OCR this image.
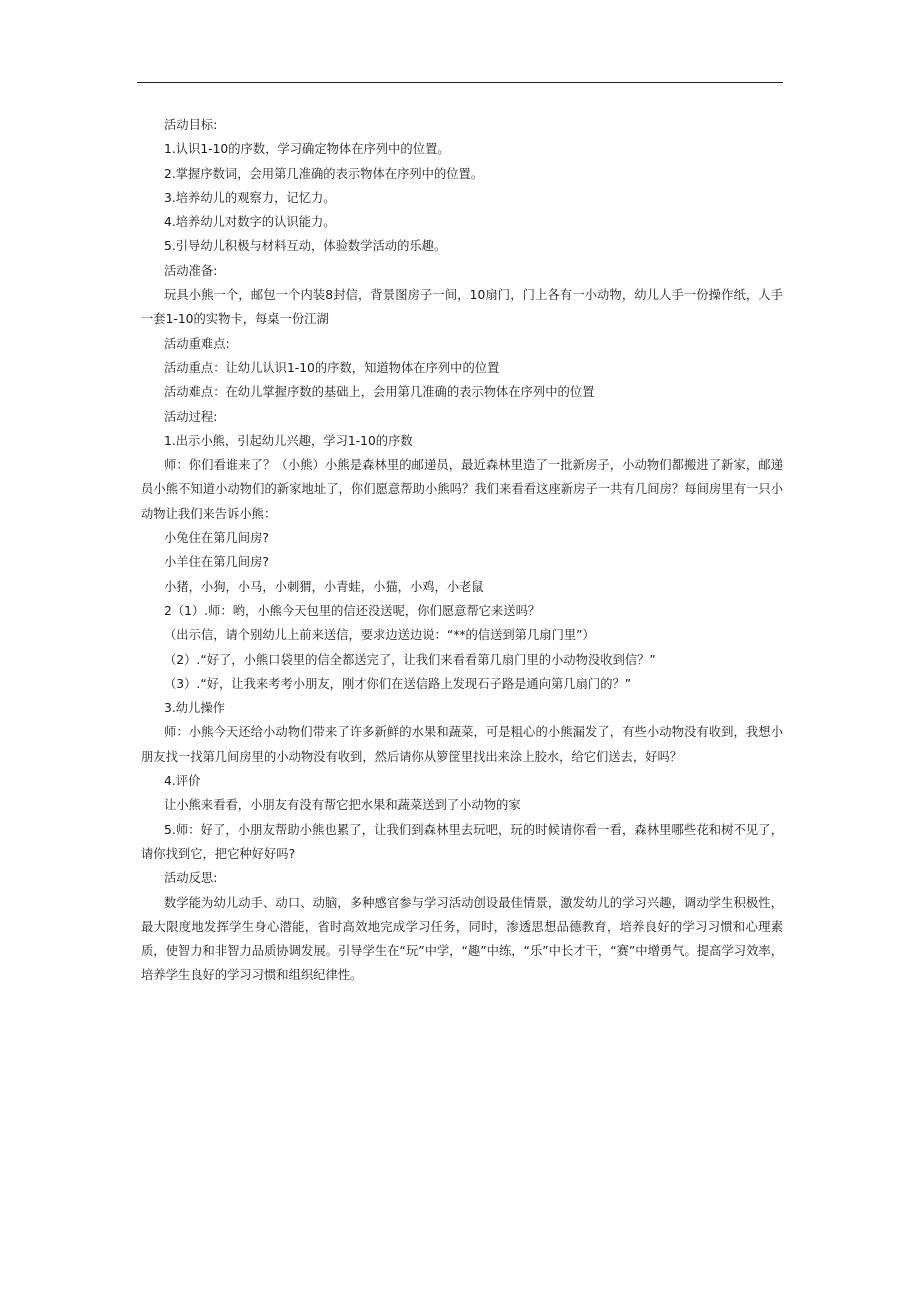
活动目标:

1.认识1-10的序数，学习确定物体在序列中的位置。

2.掌握序数词，会用第几准确的表示物体在序列中的位置。

3.培养幼儿的观察力，记忆力。

4.培养幼儿对数字的认识能力。

5.引导幼儿积极与材料互动，体验数学活动的乐趣。

活动准备:

玩具小熊一个，邮包一个内装8封信，背景图房子一间，10扇门，门上各有一小动物，幼儿人手一份操作纸，人手一套1-10的实物卡，每桌一份江湖

活动重难点:

活动重点：让幼儿认识1-10的序数，知道物体在序列中的位置

活动难点：在幼儿掌握序数的基础上，会用第几准确的表示物体在序列中的位置

活动过程:

1.出示小熊，引起幼儿兴趣，学习1-10的序数

师：你们看谁来了？（小熊）小熊是森林里的邮递员，最近森林里造了一批新房子，小动物们都搬进了新家，邮递员小熊不知道小动物们的新家地址了，你们愿意帮助小熊吗？我们来看看这座新房子一共有几间房？每间房里有一只小动物让我们来告诉小熊：

小兔住在第几间房?

小羊住在第几间房?

小猪，小狗，小马，小刺猬，小青蛙，小猫，小鸡，小老鼠

2（1）.师：哟，小熊今天包里的信还没送呢，你们愿意帮它来送吗？

（出示信，请个别幼儿上前来送信，要求边送边说：“**的信送到第几扇门里”）

（2）.“好了，小熊口袋里的信全都送完了，让我们来看看第几扇门里的小动物没收到信？”

（3）.“好，让我来考考小朋友，刚才你们在送信路上发现石子路是通向第几扇门的？”

3.幼儿操作

师：小熊今天还给小动物们带来了许多新鲜的水果和蔬菜，可是粗心的小熊漏发了，有些小动物没有收到，我想小朋友找一找第几间房里的小动物没有收到，然后请你从箩筐里找出来涂上胶水，给它们送去，好吗？

4.评价

让小熊来看看，小朋友有没有帮它把水果和蔬菜送到了小动物的家

5.师：好了，小朋友帮助小熊也累了，让我们到森林里去玩吧，玩的时候请你看一看，森林里哪些花和树不见了，请你找到它，把它种好好吗?

活动反思:

数学能为幼儿动手、动口、动脑，多种感官参与学习活动创设最佳情景，激发幼儿的学习兴趣，调动学生积极性，最大限度地发挥学生身心潜能，省时高效地完成学习任务，同时，渗透思想品德教育，培养良好的学习习惯和心理素质，使智力和非智力品质协调发展。引导学生在“玩”中学，“趣”中练，“乐”中长才干，“赛”中增勇气。提高学习效率，培养学生良好的学习习惯和组织纪律性。
